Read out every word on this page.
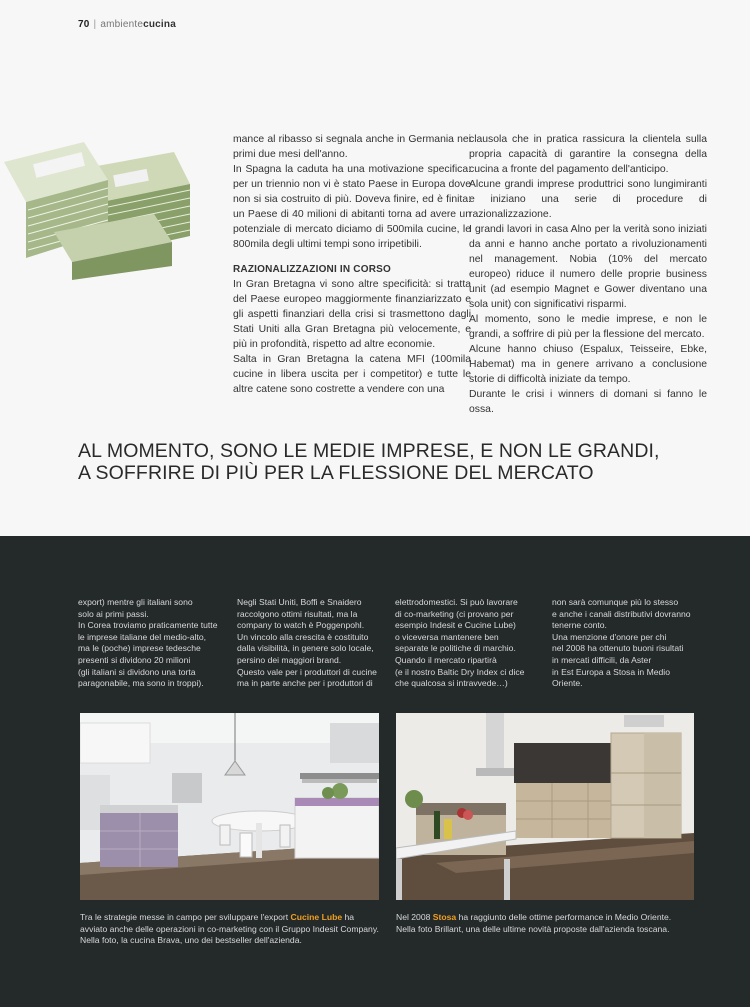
70 | ambientecucina

mance al ribasso si segnala anche in Germania nei primi due mesi dell'anno.

In Spagna la caduta ha una motivazione specifica: per un triennio non vi è stato Paese in Europa dove non si sia costruito di più. Doveva finire, ed è finita: un Paese di 40 milioni di abitanti torna ad avere un potenziale di mercato diciamo di 500mila cucine, le 800mila degli ultimi tempi sono irripetibili.

RAZIONALIZZAZIONI IN CORSO

In Gran Bretagna vi sono altre specificità: si tratta del Paese europeo maggiormente finanziarizzato e gli aspetti finanziari della crisi si trasmettono dagli Stati Uniti alla Gran Bretagna più velocemente, e più in profondità, rispetto ad altre economie.

Salta in Gran Bretagna la catena MFI (100mila cucine in libera uscita per i competitor) e tutte le altre catene sono costrette a vendere con una

clausola che in pratica rassicura la clientela sulla propria capacità di garantire la consegna della cucina a fronte del pagamento dell'anticipo.

Alcune grandi imprese produttrici sono lungimiranti e iniziano una serie di procedure di razionalizzazione.

I grandi lavori in casa Alno per la verità sono iniziati da anni e hanno anche portato a rivoluzionamenti nel management. Nobia (10% del mercato europeo) riduce il numero delle proprie business unit (ad esempio Magnet e Gower diventano una sola unit) con significativi risparmi.

Al momento, sono le medie imprese, e non le grandi, a soffrire di più per la flessione del mercato.

Alcune hanno chiuso (Espalux, Teisseire, Ebke, Habemat) ma in genere arrivano a conclusione storie di difficoltà iniziate da tempo.

Durante le crisi i winners di domani si fanno le ossa.

AL MOMENTO, SONO LE MEDIE IMPRESE, E NON LE GRANDI,
A SOFFRIRE DI PIÙ PER LA FLESSIONE DEL MERCATO
export) mentre gli italiani sono
solo ai primi passi.
In Corea troviamo praticamente tutte
le imprese italiane del medio-alto,
ma le (poche) imprese tedesche
presenti si dividono 20 milioni
(gli italiani si dividono una torta
paragonabile, ma sono in troppi).
Negli Stati Uniti, Boffi e Snaidero
raccolgono ottimi risultati, ma la
company to watch è Poggenpohl.
Un vincolo alla crescita è costituito
dalla visibilità, in genere solo locale,
persino dei maggiori brand.
Questo vale per i produttori di cucine
ma in parte anche per i produttori di
elettrodomestici. Si può lavorare
di co-marketing (ci provano per
esempio Indesit e Cucine Lube)
o viceversa mantenere ben
separate le politiche di marchio.
Quando il mercato ripartirà
(e il nostro Baltic Dry Index ci dice
che qualcosa si intravvede…)
non sarà comunque più lo stesso
e anche i canali distributivi dovranno
tenerne conto.
Una menzione d'onore per chi
nel 2008 ha ottenuto buoni risultati
in mercati difficili, da Aster
in Est Europa a Stosa in Medio
Oriente.
Tra le strategie messe in campo per sviluppare l'export Cucine Lube ha
avviato anche delle operazioni in co-marketing con il Gruppo Indesit Company.
Nella foto, la cucina Brava, uno dei bestseller dell'azienda.
Nel 2008 Stosa ha raggiunto delle ottime performance in Medio Oriente.
Nella foto Brillant, una delle ultime novità proposte dall'azienda toscana.
